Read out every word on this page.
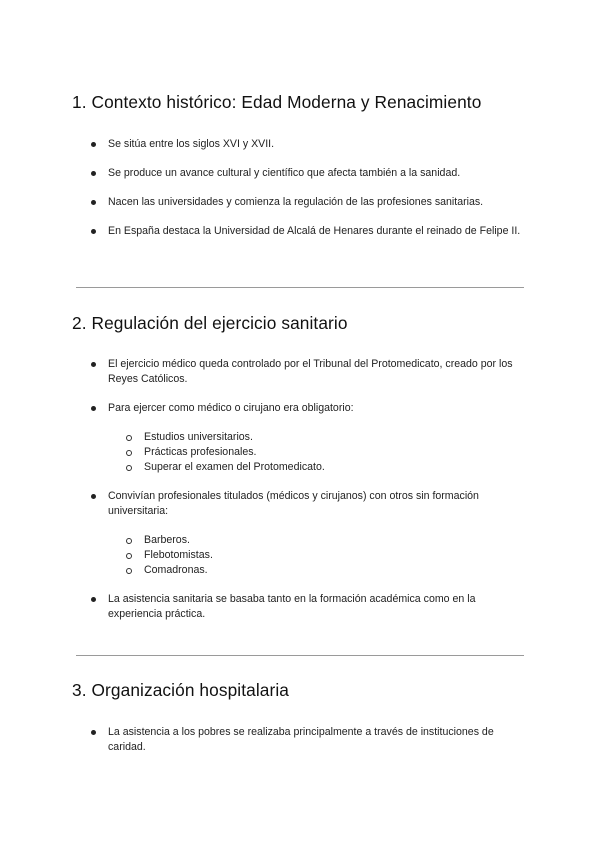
1. Contexto histórico: Edad Moderna y Renacimiento
Se sitúa entre los siglos XVI y XVII.
Se produce un avance cultural y científico que afecta también a la sanidad.
Nacen las universidades y comienza la regulación de las profesiones sanitarias.
En España destaca la Universidad de Alcalá de Henares durante el reinado de Felipe II.
2. Regulación del ejercicio sanitario
El ejercicio médico queda controlado por el Tribunal del Protomedicato, creado por los Reyes Católicos.
Para ejercer como médico o cirujano era obligatorio:
Estudios universitarios.
Prácticas profesionales.
Superar el examen del Protomedicato.
Convivían profesionales titulados (médicos y cirujanos) con otros sin formación universitaria:
Barberos.
Flebotomistas.
Comadronas.
La asistencia sanitaria se basaba tanto en la formación académica como en la experiencia práctica.
3. Organización hospitalaria
La asistencia a los pobres se realizaba principalmente a través de instituciones de caridad.
